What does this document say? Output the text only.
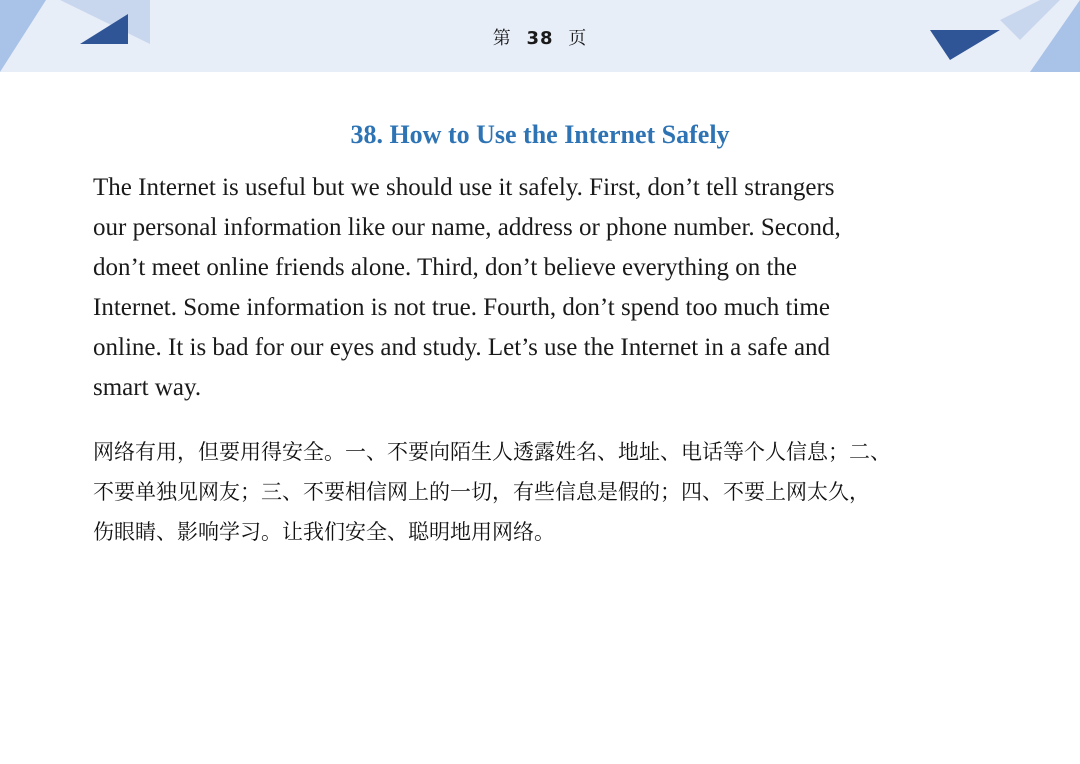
第 38 页
38. How to Use the Internet Safely

The Internet is useful but we should use it safely. First, don’t tell strangers
our personal information like our name, address or phone number. Second,
don’t meet online friends alone. Third, don’t believe everything on the
Internet. Some information is not true. Fourth, don’t spend too much time
online. It is bad for our eyes and study. Let’s use the Internet in a safe and
smart way.

网络有用，但要用得安全。一、不要向陌生人透露姓名、地址、电话等个人信息；二、
不要单独见网友；三、不要相信网上的一切，有些信息是假的；四、不要上网太久，
伤眼睛、影响学习。让我们安全、聪明地用网络。
